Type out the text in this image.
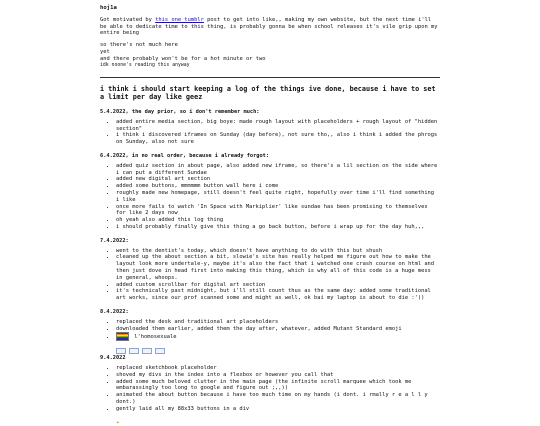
hoj1a

Got motivated by this one tumblr post to get into like,, making my own website, but the next time i'll be able to dedicate time to this thing, is probably gonna be when school releases it's vile grip upon my entire being

so there's not much here

yet

and there probably won't be for a hot minute or two

idk noone's reading this anyway

i think i should start keeping a log of the things ive done, because i have to set a limit per day like geez
5.4.2022, the day prior, so i don't remember much:
• added entire media section, big boye: made rough layout with placeholders + rough layout of "hidden section"
• i think i discovered iframes on Sunday (day before), not sure tho,, also i think i added the phrogs on Sunday, also not sure
6.4.2022, in no real order, because i already forgot:
• added quiz section in about page, also added new iframe, so there's a lil section on the side where i can put a different Sundae
• added new digital art section
• added some buttons, mmmmmm button wall here i come
• roughly made new homepage, still doesn't feel quite right, hopefully over time i'll find something i like
• once more fails to watch 'In Space with Markiplier' like sundae has been promising to themselves for like 2 days now
• oh yeah also added this log thing
• i should probably finally give this thing a go back button, before i wrap up for the day huh,,,
7.4.2022:
• went to the dentist's today, which doesn't have anything to do with this but shush
• cleaned up the about section a bit, slowie's site has really helped me figure out how to make the layout look more undertale-y, maybe it's also the fact that i watched one crash course on html and then just dove in head first into making this thing, which is why all of this code is a huge mess in general, whoops.
• added custom scrollbar for digital art section
• it's technically past midnight, but i'll still count thus as the same day: added some traditional art works, since our prof scanned some and might as well, ok bai my laptop is about to die :'))
8.4.2022:
• replaced the desk and traditional art placeholders
• downloaded them earlier, added them the day after, whatever, added Mutant Standard emoji
• l'homosexuale
9.4.2022
• replaced sketchbook placeholder
• shoved my divs in the index into a flexbox or however you call that
• added some much beloved clutter in the main page (the infinite scroll marquee which took me embarassingly too long to google and figure out ;,,))
• animated the about button because i have too much time on my hands (i dont. i rmally r e a l l y dont.)
• gently laid all my 88x33 buttons in a div
✦
